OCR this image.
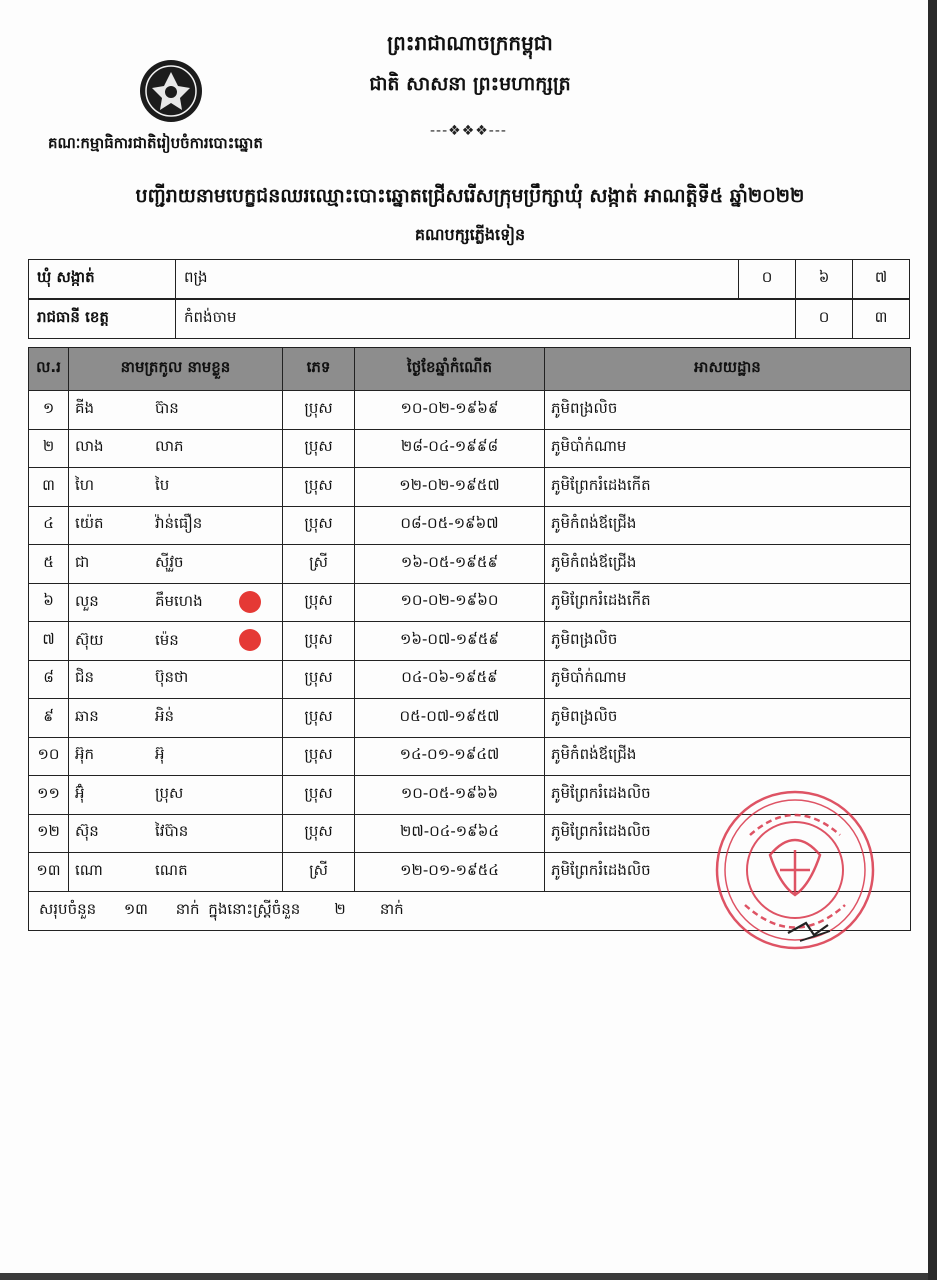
ព្រះរាជាណាចក្រកម្ពុជា
ជាតិ សាសនា ព្រះមហាក្សត្រ
---❖❖❖---
គណៈកម្មាធិការជាតិរៀបចំការបោះឆ្នោត
បញ្ជីរាយនាមបេក្ខជនឈរឈ្មោះបោះឆ្នោតជ្រើសរើសក្រុមប្រឹក្សាឃុំ សង្កាត់ អាណត្តិទី៥ ឆ្នាំ២០២២
គណបក្សភ្លើងទៀន
ឃុំ សង្កាត់	ពង្រ	០	៦	៧
រាជធានី ខេត្ត	កំពង់ចាម	០	៣
ល.រ	នាមត្រកូល នាមខ្លួន	ភេទ	ថ្ងៃខែឆ្នាំកំណើត	អាសយដ្ឋាន
១	គីង ប៊ាន	ប្រុស	១០-០២-១៩៦៩	ភូមិពង្រលិច
២	លាង លាភ	ប្រុស	២៨-០៤-១៩៩៨	ភូមិបាំក់ណាម
៣	ហៃ បៃ	ប្រុស	១២-០២-១៩៥៧	ភូមិព្រែករំដេងកើត
៤	យ៉េត វ៉ាន់ធឿន	ប្រុស	០៨-០៥-១៩៦៧	ភូមិកំពង់ឪជ្រើង
៥	ជា ស៊ីវួច	ស្រី	១៦-០៥-១៩៥៩	ភូមិកំពង់ឪជ្រើង
៦	លួន គឹមហេង	ប្រុស	១០-០២-១៩៦០	ភូមិព្រែករំដេងកើត
៧	ស៊ុយ ម៉េន	ប្រុស	១៦-០៧-១៩៥៩	ភូមិពង្រលិច
៨	ជិន ប៊ុនថា	ប្រុស	០៤-០៦-១៩៥៩	ភូមិបាំក់ណាម
៩	ឆាន អិន់	ប្រុស	០៥-០៧-១៩៥៧	ភូមិពង្រលិច
១០	អ៊ុក អ៊ុ	ប្រុស	១៤-០១-១៩៤៧	ភូមិកំពង់ឪជ្រើង
១១	អ៊ុំ ប្រុស	ប្រុស	១០-០៥-១៩៦៦	ភូមិព្រែករំដេងលិច
១២	ស៊ុន វៃប៊ាន	ប្រុស	២៧-០៤-១៩៦៤	ភូមិព្រែករំដេងលិច
១៣	ណោ ណេត	ស្រី	១២-០១-១៩៥៤	ភូមិព្រែករំដេងលិច
សរុបចំនួន ១៣ នាក់ ក្នុងនោះស្ត្រីចំនួន ២ នាក់				
